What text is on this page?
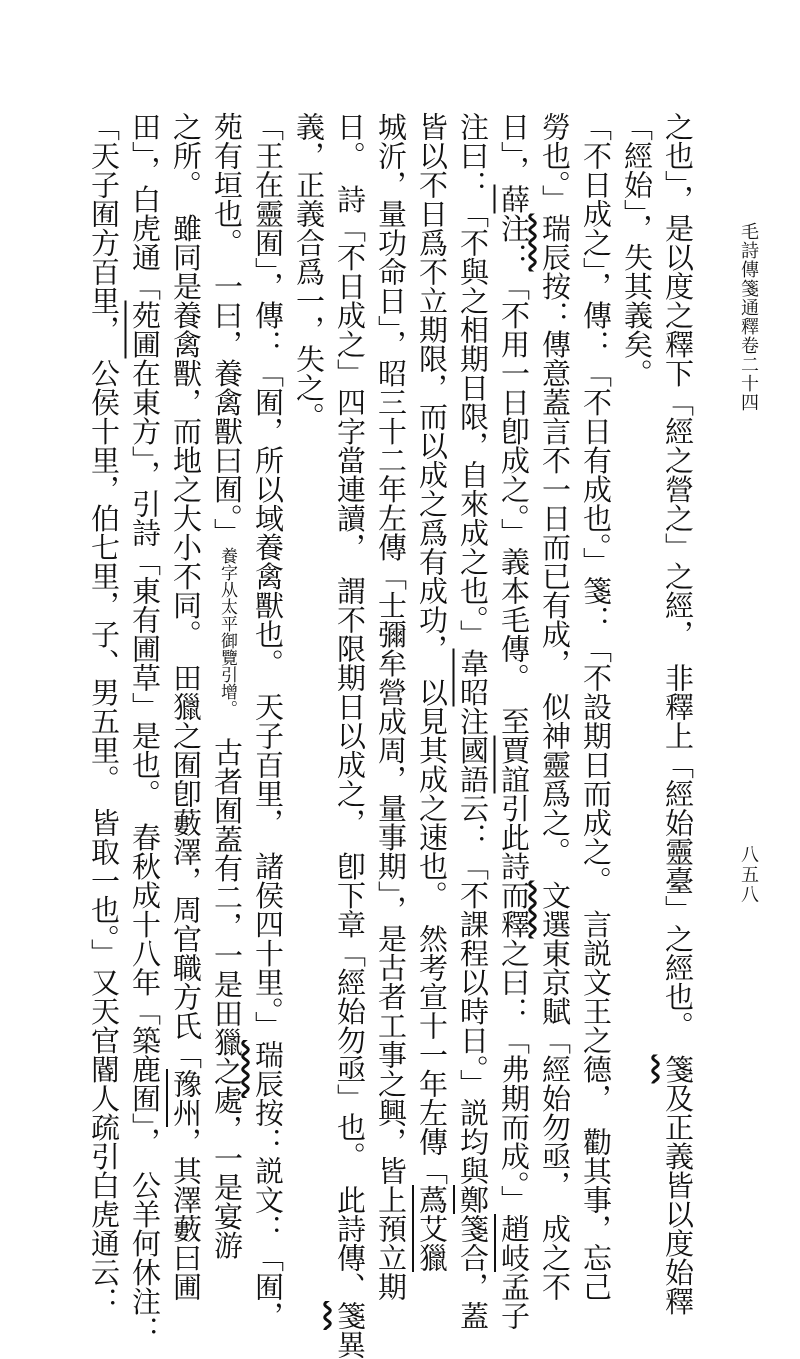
毛詩傳箋通釋卷二十四
八五八
之也」，是以度之釋下「經之營之」之經，　非釋上「經始靈臺」之經也。　箋及正義皆以度始釋
「經始」，失其義矣。
「不日成之」，傳：「不日有成也。」箋：「不設期日而成之。　言説文王之德，　勸其事，忘己
勞也。」瑞辰按：傳意蓋言不一日而已有成，　似神靈爲之。　文選東京賦「經始勿亟，　成之不
日」，薛注：「不用一日卽成之。」義本毛傳。　至賈誼引此詩而釋之曰：「弗期而成。」趙岐孟子
注曰：「不與之相期日限，自來成之也。」韋昭注國語云：「不課程以時日。」説均與鄭箋合，蓋
皆以不日爲不立期限，而以成之爲有成功，　以見其成之速也。　然考宣十一年左傳「蔿艾獵
城沂，量功命日」，昭三十二年左傳「士彌牟營成周，量事期」，是古者工事之興，皆上預立期
日。　詩「不日成之」四字當連讀，　謂不限期日以成之，　卽下章「經始勿亟」也。　此詩傳、箋異
義，正義合爲一，失之。
「王在靈囿」，傳：「囿，所以域養禽獸也。　天子百里，　諸侯四十里。」瑞辰按：説文：「囿，
苑有垣也。　一曰，養禽獸曰囿。」養字从太平御覽引增。　古者囿蓋有二，一是田獵之處，一是宴游
之所。　雖同是養禽獸，而地之大小不同。　田獵之囿卽藪澤，周官職方氏「豫州，其澤藪曰圃
田」，白虎通「苑圃在東方」，引詩「東有圃草」是也。　春秋成十八年「築鹿囿」，　公羊何休注：
「天子囿方百里，　公侯十里，伯七里，子、男五里。　皆取一也。」又天官閽人疏引白虎通云：
